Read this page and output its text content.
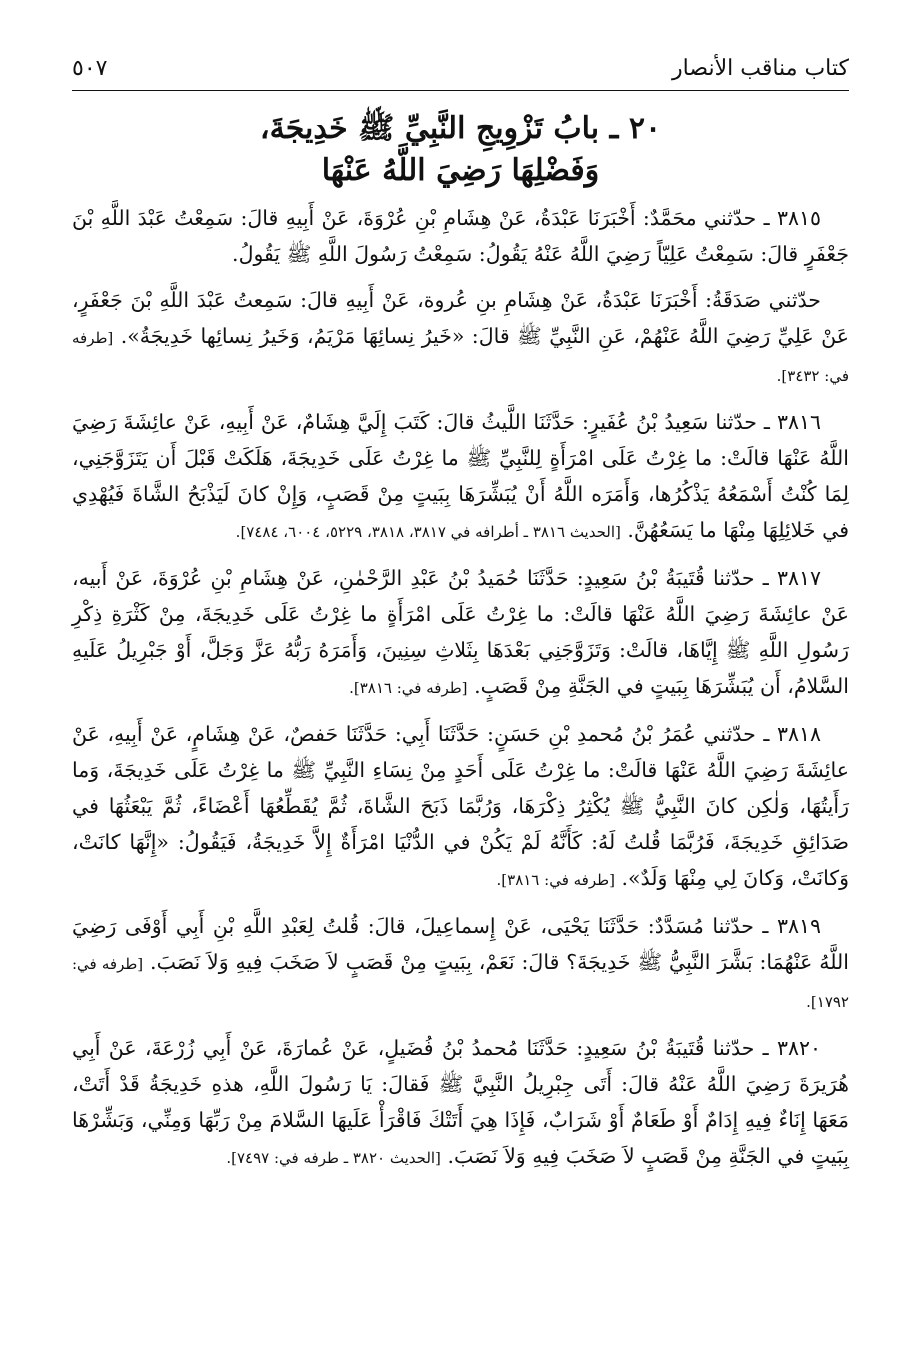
كتاب مناقب الأنصار
٥٠٧
٢٠ ـ بابُ تَزْوِيجِ النَّبِيِّ ﷺ خَدِيجَةَ،
وَفَضْلِهَا رَضِيَ اللَّهُ عَنْهَا

٣٨١٥ ـ حدّثني محَمَّدٌ: أَخْبَرَنَا عَبْدَةُ، عَنْ هِشَامِ بْنِ عُرْوَةَ، عَنْ أَبِيهِ قالَ: سَمِعْتُ عَبْدَ اللَّهِ بْنَ جَعْفَرٍ قالَ: سَمِعْتُ عَلِيّاً رَضِيَ اللَّهُ عَنْهُ يَقُولُ: سَمِعْتُ رَسُولَ اللَّهِ ﷺ يَقُولُ.

حدّثني صَدَقَةُ: أَخْبَرَنَا عَبْدَةُ، عَنْ هِشَامِ بنِ عُروة، عَنْ أَبِيهِ قالَ: سَمِعتُ عَبْدَ اللَّهِ بْنَ جَعْفَرٍ، عَنْ عَلِيِّ رَضِيَ اللَّهُ عَنْهُمْ، عَنِ النَّبِيِّ ﷺ قالَ: «خَيرُ نِسائِهَا مَرْيَمُ، وَخَيرُ نِسائِها خَدِيجَةُ». [طرفه في: ٣٤٣٢].

٣٨١٦ ـ حدّثنا سَعِيدُ بْنُ عُفَيرٍ: حَدَّثَنَا اللَّيثُ قالَ: كَتَبَ إِلَيَّ هِشَامٌ، عَنْ أَبِيهِ، عَنْ عائِشَةَ رَضِيَ اللَّهُ عَنْهَا قالَتْ: ما غِرْتُ عَلَى امْرَأَةٍ لِلنَّبِيِّ ﷺ ما غِرْتُ عَلَى خَدِيجَةَ، هَلَكَتْ قَبْلَ أَن يَتَزَوَّجَنِي، لِمَا كُنْتُ أَسْمَعُهُ يَذْكُرُها، وَأَمَرَه اللَّهُ أَنْ يُبَشِّرَهَا بِبَيتٍ مِنْ قَصَبٍ، وَإِنْ كانَ لَيَذْبَحُ الشَّاةَ فَيُهْدِي في خَلائِلِهَا مِنْهَا ما يَسَعُهُنَّ. [الحديث ٣٨١٦ ـ أطرافه في ٣٨١٧، ٣٨١٨، ٥٢٢٩، ٦٠٠٤، ٧٤٨٤].

٣٨١٧ ـ حدّثنا قُتَيبَةُ بْنُ سَعِيدٍ: حَدَّثَنَا حُمَيدُ بْنُ عَبْدِ الرَّحْمٰنِ، عَنْ هِشَامِ بْنِ عُرْوَةَ، عَنْ أَبيه، عَنْ عائِشَةَ رَضِيَ اللَّهُ عَنْهَا قالَتْ: ما غِرْتُ عَلَى امْرَأَةٍ ما غِرْتُ عَلَى خَدِيجَةَ، مِنْ كَثْرَةِ ذِكْرِ رَسُولِ اللَّهِ ﷺ إِيَّاهَا، قالَتْ: وَتَزَوَّجَنِي بَعْدَهَا بِثَلاثِ سِنِينَ، وَأَمَرَهُ رَبُّهُ عَزَّ وَجَلَّ، أَوْ جَبْرِيلُ عَلَيهِ السَّلامُ، أَن يُبَشِّرَهَا بِبَيتٍ في الجَنَّةِ مِنْ قَصَبٍ. [طرفه في: ٣٨١٦].

٣٨١٨ ـ حدّثني عُمَرُ بْنُ مُحمدِ بْنِ حَسَنٍ: حَدَّثَنَا أَبِي: حَدَّثَنَا حَفصٌ، عَنْ هِشَامٍ، عَنْ أَبِيهِ، عَنْ عائِشَةَ رَضِيَ اللَّهُ عَنْهَا قالَتْ: ما غِرْتُ عَلَى أَحَدٍ مِنْ نِسَاءِ النَّبِيِّ ﷺ ما غِرْتُ عَلَى خَدِيجَةَ، وَما رَأَيتُهَا، وَلٰكِن كانَ النَّبِيُّ ﷺ يُكْثِرُ ذِكْرَهَا، وَرُبَّمَا ذَبَحَ الشَّاةَ، ثُمَّ يُقَطِّعُهَا أَعْضَاءً، ثُمَّ يَبْعَثُهَا في صَدَائِقِ خَدِيجَةَ، فَرُبَّمَا قُلتُ لَهُ: كَأَنَّهُ لَمْ يَكُنْ في الدُّنْيَا امْرَأَةٌ إِلاَّ خَدِيجَةُ، فَيَقُولُ: «إِنَّهَا كانَتْ، وَكانَتْ، وَكانَ لِي مِنْهَا وَلَدٌ». [طرفه في: ٣٨١٦].

٣٨١٩ ـ حدّثنا مُسَدَّدٌ: حَدَّثَنَا يَحْيَى، عَنْ إِسماعِيلَ، قالَ: قُلتُ لِعَبْدِ اللَّهِ بْنِ أَبِي أَوْفَى رَضِيَ اللَّهُ عَنْهُمَا: بَشَّرَ النَّبِيُّ ﷺ خَدِيجَةَ؟ قالَ: نَعَمْ، بِبَيتٍ مِنْ قَصَبٍ لاَ صَخَبَ فِيهِ وَلاَ نَصَبَ. [طرفه في: ١٧٩٢].

٣٨٢٠ ـ حدّثنا قُتَيبَةُ بْنُ سَعِيدٍ: حَدَّثَنَا مُحمدُ بْنُ فُضَيلٍ، عَنْ عُمارَةَ، عَنْ أَبِي زُرْعَةَ، عَنْ أَبِي هُرَيرَةَ رَضِيَ اللَّهُ عَنْهُ قالَ: أَتَى جِبْرِيلُ النَّبِيَّ ﷺ فَقالَ: يَا رَسُولَ اللَّهِ، هذهِ خَدِيجَةُ قَدْ أَتَتْ، مَعَهَا إِنَاءٌ فِيهِ إِدَامٌ أَوْ طَعَامٌ أَوْ شَرَابٌ، فَإِذَا هِيَ أَتَتْكَ فَاقْرَأْ عَلَيهَا السَّلامَ مِنْ رَبِّهَا وَمِنِّي، وَبَشِّرْهَا بِبَيتٍ في الجَنَّةِ مِنْ قَصَبٍ لاَ صَخَبَ فِيهِ وَلاَ نَصَبَ. [الحديث ٣٨٢٠ ـ طرفه في: ٧٤٩٧].
